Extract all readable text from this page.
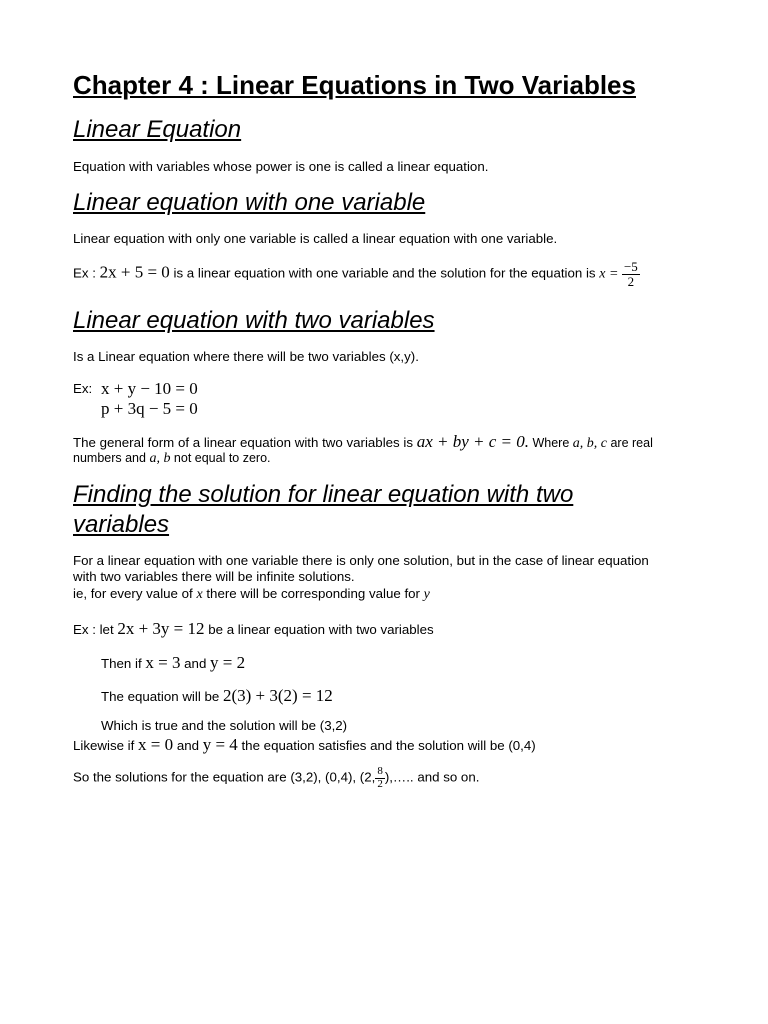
Chapter 4 : Linear Equations in Two Variables
Linear Equation
Equation with variables whose power is one is called a linear equation.
Linear equation with one variable
Linear equation with only one variable is called a linear equation with one variable.
Ex : 2x + 5 = 0 is a linear equation with one variable and the solution for the equation is $x = \frac{-5}{2}$
Linear equation with two variables
Is a Linear equation where there will be two variables (x,y).
Ex: x + y − 10 = 0
p + 3q − 5 = 0
The general form of a linear equation with two variables is ax + by + c = 0. Where a, b, c are real
numbers and a, b not equal to zero.
Finding the solution for linear equation with two
variables
For a linear equation with one variable there is only one solution, but in the case of linear equation
with two variables there will be infinite solutions.
ie, for every value of x there will be corresponding value for y
Ex : let 2x + 3y = 12 be a linear equation with two variables
Then if x = 3 and y = 2
The equation will be 2(3) + 3(2) = 12
Which is true and the solution will be (3,2)
Likewise if x = 0 and y = 4 the equation satisfies and the solution will be (0,4)
So the solutions for the equation are (3,2), (0,4), (2, $\frac{8}{2}$ ),….. and so on.
